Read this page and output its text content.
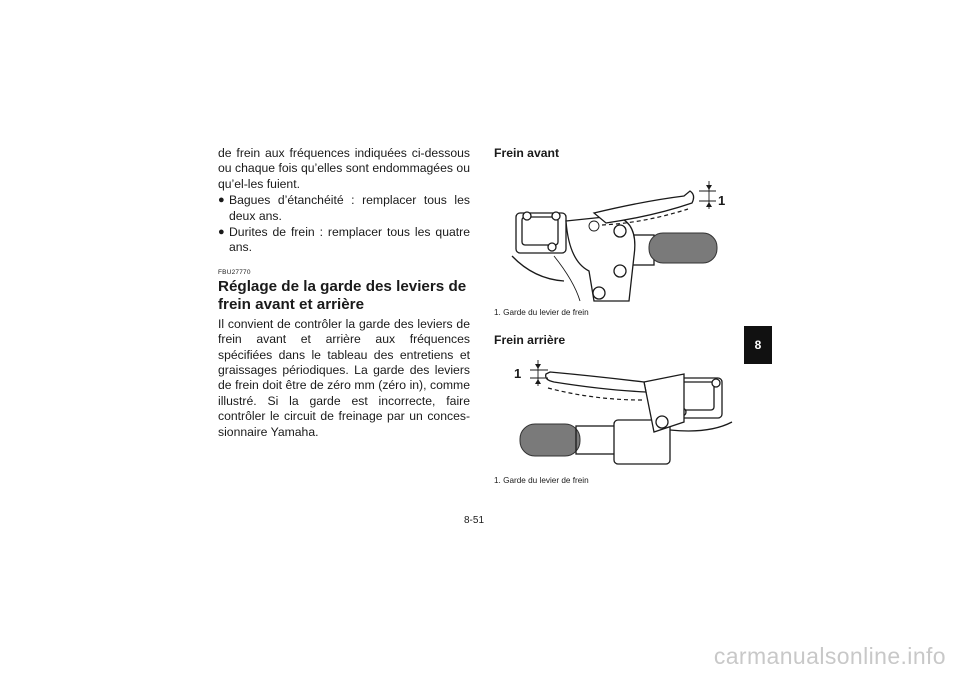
de frein aux fréquences indiquées ci-dessous ou chaque fois qu’elles sont endommagées ou qu’el-les fuient.

● Bagues d’étanchéité : remplacer tous les deux ans.
● Durites de frein : remplacer tous les quatre ans.
FBU27770
Réglage de la garde des leviers de frein avant et arrière

Il convient de contrôler la garde des leviers de frein avant et arrière aux fréquences spécifiées dans le tableau des entretiens et graissages périodiques. La garde des leviers de frein doit être de zéro mm (zéro in), comme illustré. Si la garde est incorrecte, faire contrôler le circuit de freinage par un conces-sionnaire Yamaha.

Frein avant
1
1. Garde du levier de frein
Frein arrière
1
1. Garde du levier de frein
8
8-51
carmanualsonline.info
